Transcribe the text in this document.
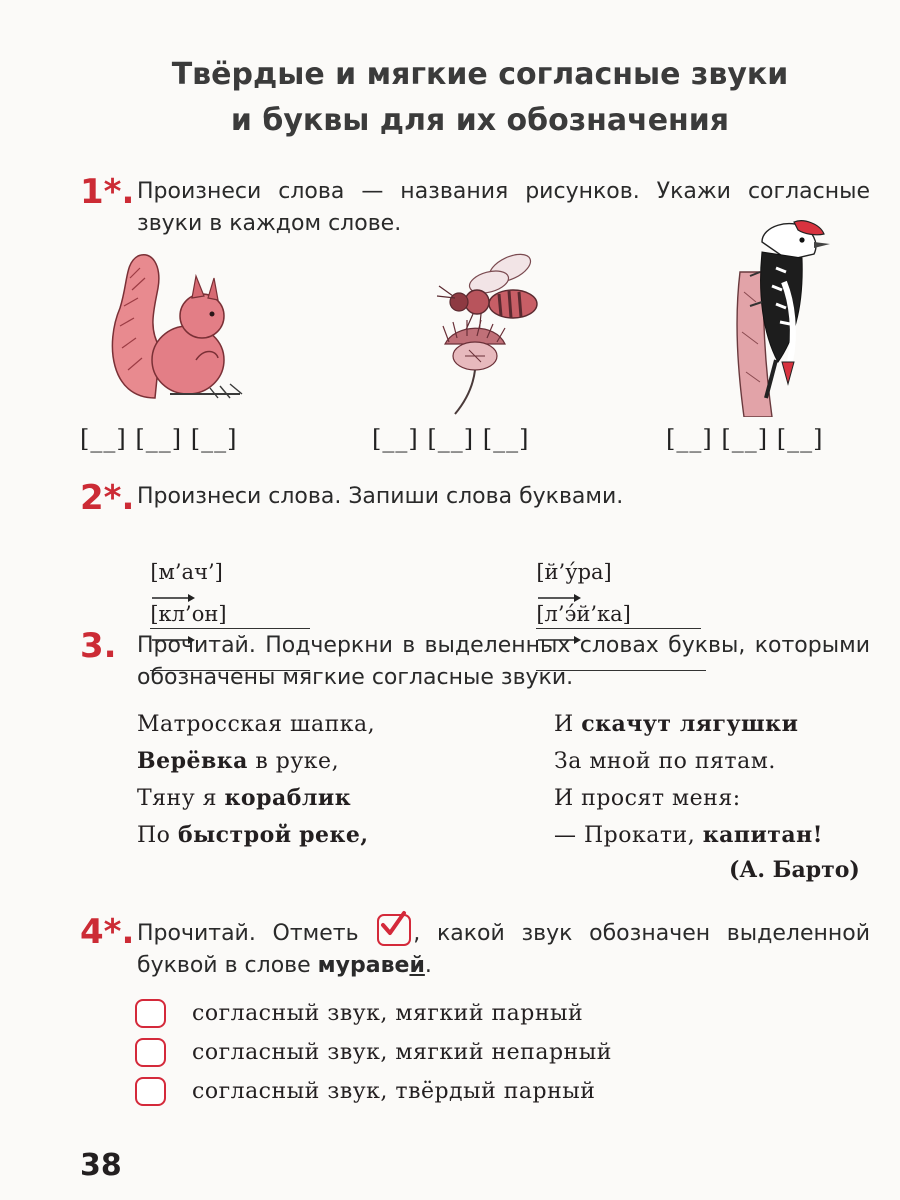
Твёрдые и мягкие согласные звуки
и буквы для их обозначения
1*. Произнеси слова — названия рисунков. Укажи согласные звуки в каждом слове.
[__] [__] [__]	[__] [__] [__]	[__] [__] [__]
2*. Произнеси слова. Запиши слова буквами.

[м’ач’]

[кл’он]

[й’у́ра]

[л’э́й’ка]

3. Прочитай. Подчеркни в выделенных словах буквы, которыми обозначены мягкие согласные звуки.
Матросская шапка,
Верёвка в руке,
Тяну я кораблик
По быстрой реке,
И скачут лягушки
За мной по пятам.
И просят меня:
— Прокати, капитан!
(А. Барто)
4*. Прочитай. Отметь , какой звук обозначен выделенной буквой в слове муравей.
согласный звук, мягкий парный
согласный звук, мягкий непарный
согласный звук, твёрдый парный
38
